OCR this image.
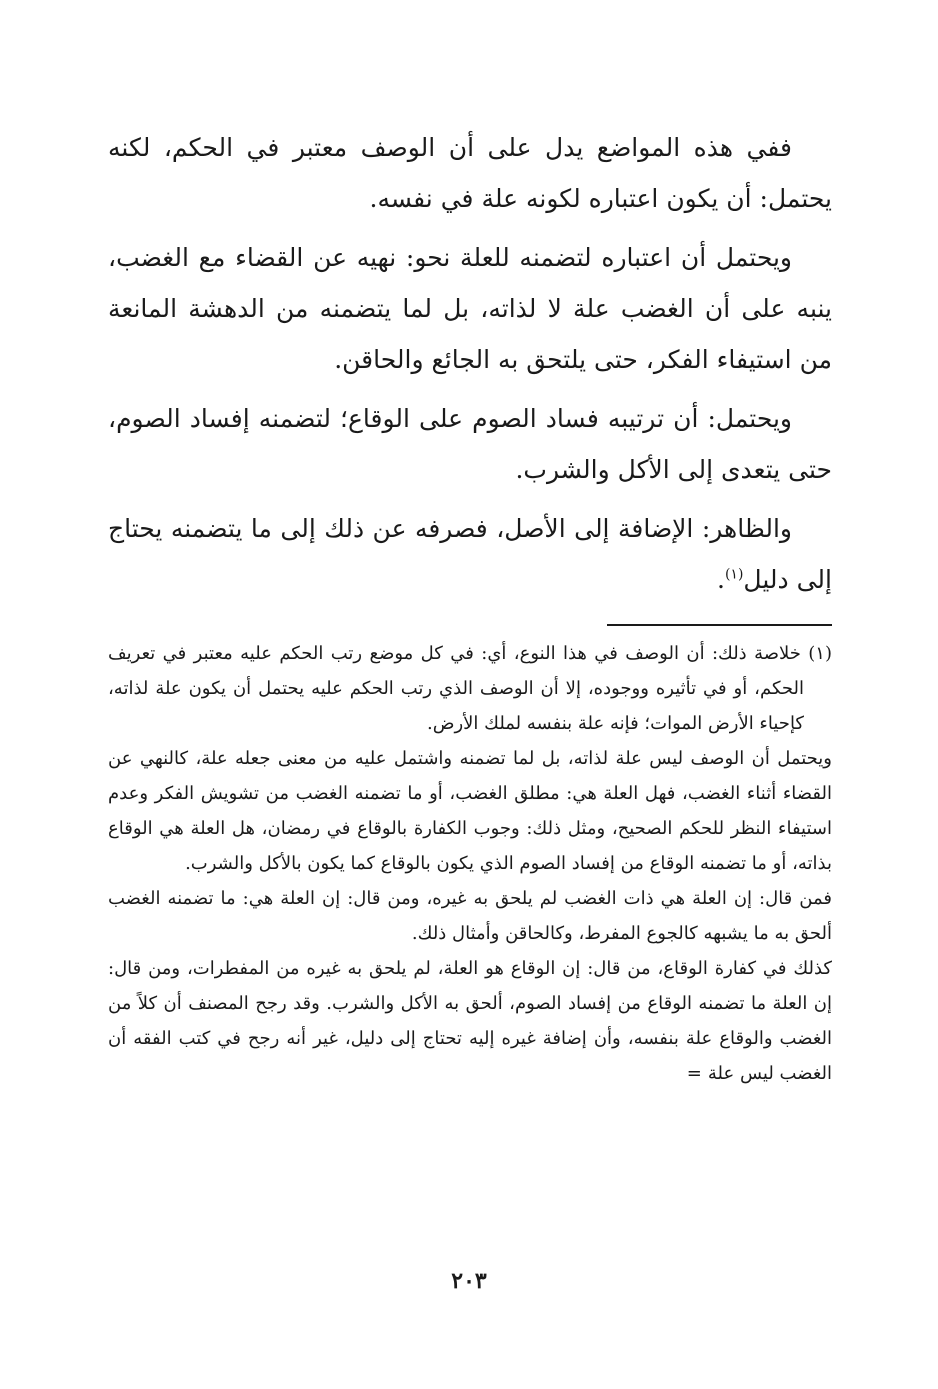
ففي هذه المواضع يدل على أن الوصف معتبر في الحكم، لكنه يحتمل: أن يكون اعتباره لكونه علة في نفسه.

ويحتمل أن اعتباره لتضمنه للعلة نحو: نهيه عن القضاء مع الغضب، ينبه على أن الغضب علة لا لذاته، بل لما يتضمنه من الدهشة المانعة من استيفاء الفكر، حتى يلتحق به الجائع والحاقن.

ويحتمل: أن ترتيبه فساد الصوم على الوقاع؛ لتضمنه إفساد الصوم، حتى يتعدى إلى الأكل والشرب.

والظاهر: الإضافة إلى الأصل، فصرفه عن ذلك إلى ما يتضمنه يحتاج إلى دليل$^{(١)}$.

(١) خلاصة ذلك: أن الوصف في هذا النوع، أي: في كل موضع رتب الحكم عليه معتبر في تعريف الحكم، أو في تأثيره ووجوده، إلا أن الوصف الذي رتب الحكم عليه يحتمل أن يكون علة لذاته، كإحياء الأرض الموات؛ فإنه علة بنفسه لملك الأرض.

ويحتمل أن الوصف ليس علة لذاته، بل لما تضمنه واشتمل عليه من معنى جعله علة، كالنهي عن القضاء أثناء الغضب، فهل العلة هي: مطلق الغضب، أو ما تضمنه الغضب من تشويش الفكر وعدم استيفاء النظر للحكم الصحيح، ومثل ذلك: وجوب الكفارة بالوقاع في رمضان، هل العلة هي الوقاع بذاته، أو ما تضمنه الوقاع من إفساد الصوم الذي يكون بالوقاع كما يكون بالأكل والشرب.

فمن قال: إن العلة هي ذات الغضب لم يلحق به غيره، ومن قال: إن العلة هي: ما تضمنه الغضب ألحق به ما يشبهه كالجوع المفرط، وكالحاقن وأمثال ذلك.

كذلك في كفارة الوقاع، من قال: إن الوقاع هو العلة، لم يلحق به غيره من المفطرات، ومن قال: إن العلة ما تضمنه الوقاع من إفساد الصوم، ألحق به الأكل والشرب. وقد رجح المصنف أن كلاً من الغضب والوقاع علة بنفسه، وأن إضافة غيره إليه تحتاج إلى دليل، غير أنه رجح في كتب الفقه أن الغضب ليس علة=

٢٠٣
